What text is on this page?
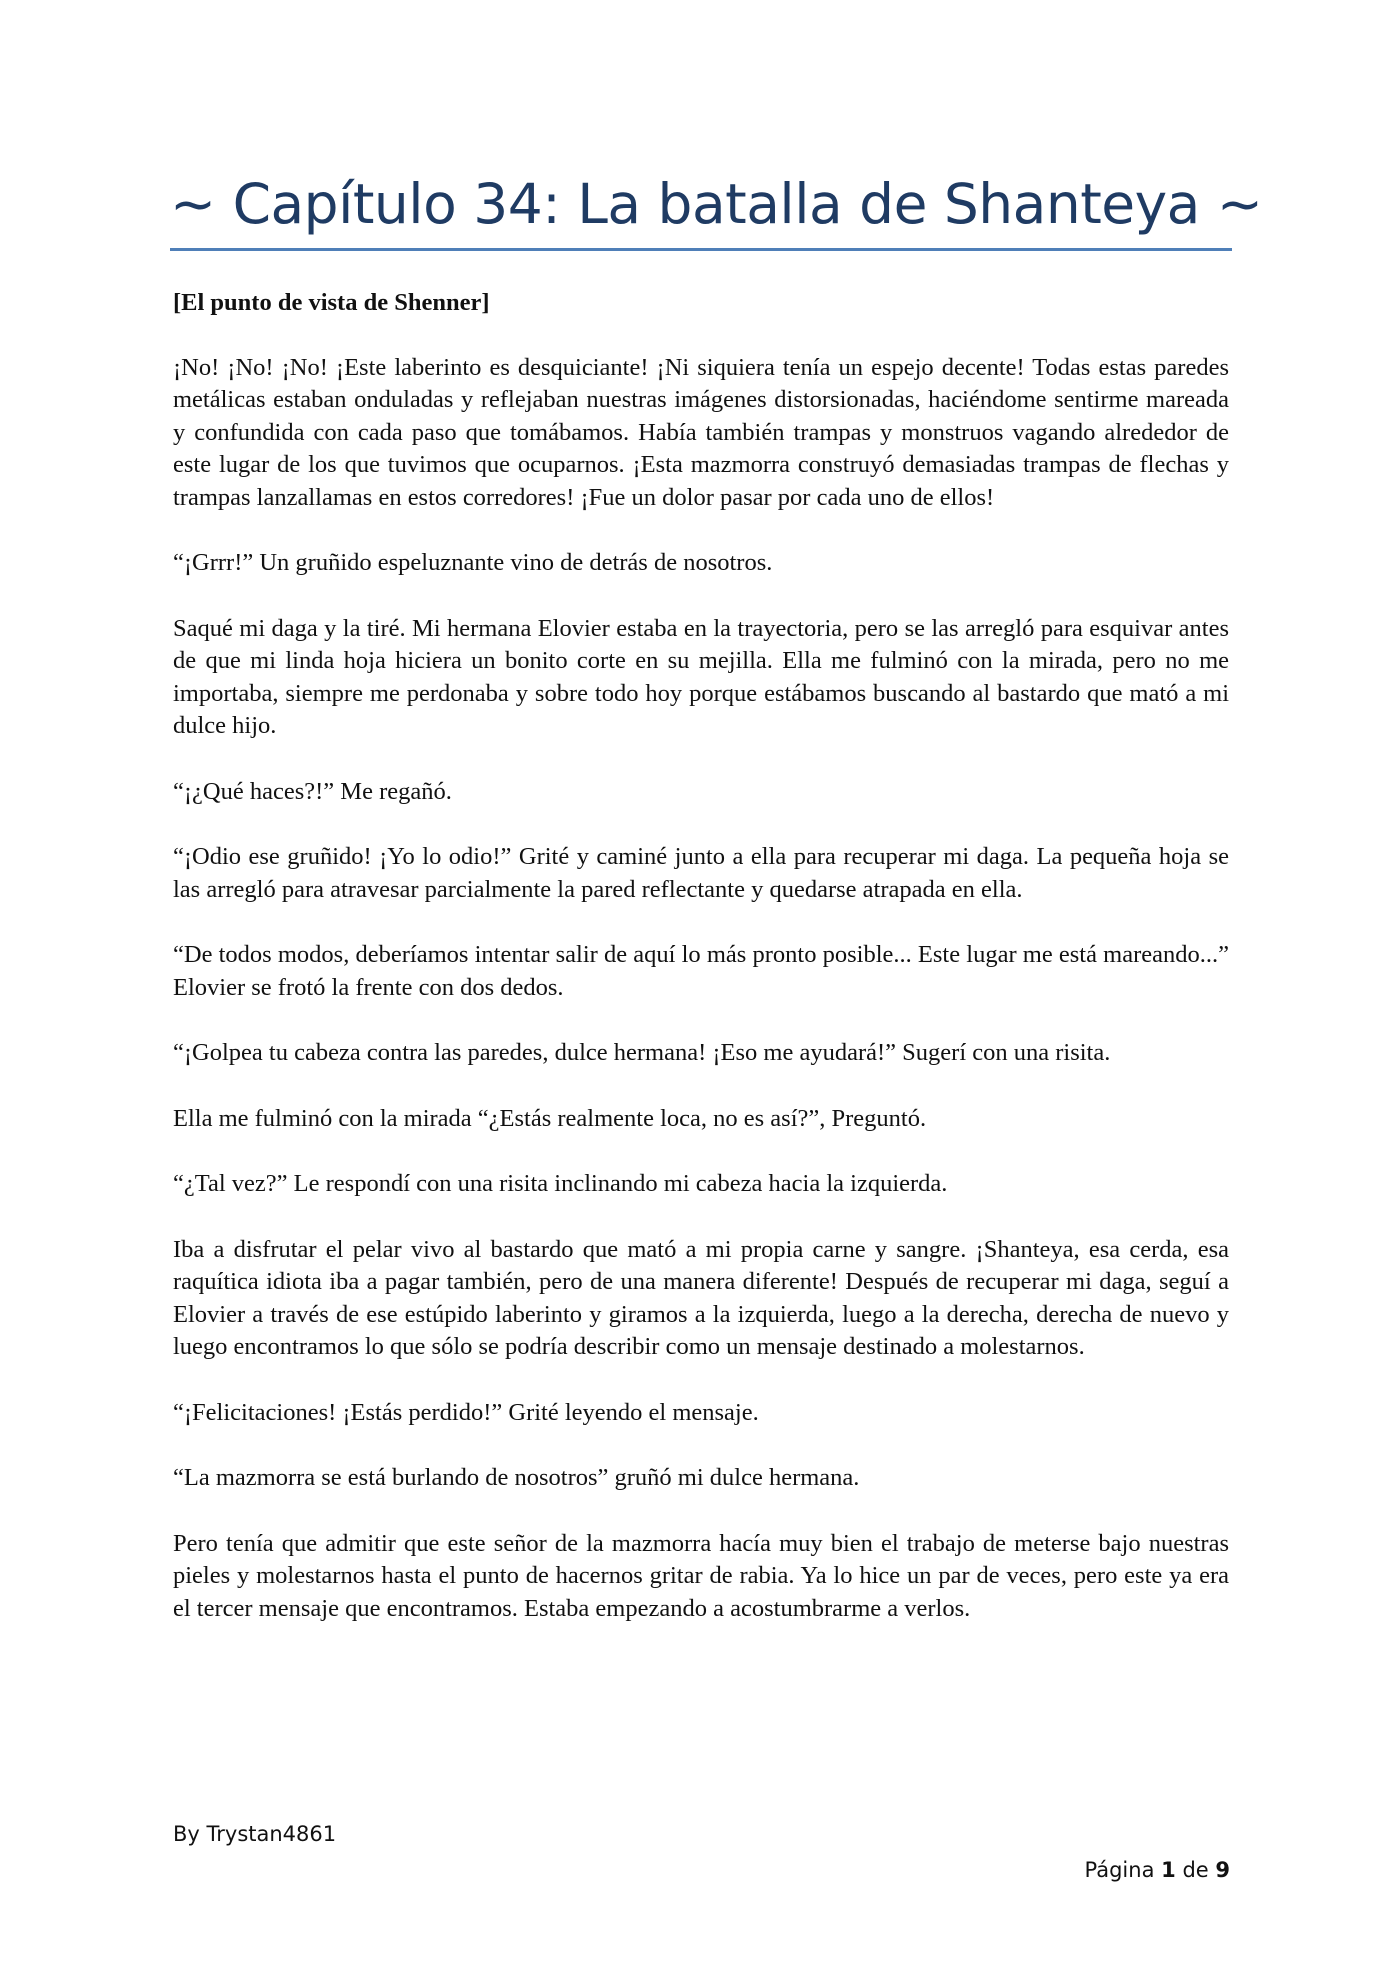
~ Capítulo 34: La batalla de Shanteya ~

[El punto de vista de Shenner]

¡No! ¡No! ¡No! ¡Este laberinto es desquiciante! ¡Ni siquiera tenía un espejo decente! Todas estas paredes metálicas estaban onduladas y reflejaban nuestras imágenes distorsionadas, haciéndome sentirme mareada y confundida con cada paso que tomábamos. Había también trampas y monstruos vagando alrededor de este lugar de los que tuvimos que ocuparnos. ¡Esta mazmorra construyó demasiadas trampas de flechas y trampas lanzallamas en estos corredores! ¡Fue un dolor pasar por cada uno de ellos!

“¡Grrr!” Un gruñido espeluznante vino de detrás de nosotros.

Saqué mi daga y la tiré. Mi hermana Elovier estaba en la trayectoria, pero se las arregló para esquivar antes de que mi linda hoja hiciera un bonito corte en su mejilla. Ella me fulminó con la mirada, pero no me importaba, siempre me perdonaba y sobre todo hoy porque estábamos buscando al bastardo que mató a mi dulce hijo.

“¡¿Qué haces?!” Me regañó.

“¡Odio ese gruñido! ¡Yo lo odio!” Grité y caminé junto a ella para recuperar mi daga. La pequeña hoja se las arregló para atravesar parcialmente la pared reflectante y quedarse atrapada en ella.

“De todos modos, deberíamos intentar salir de aquí lo más pronto posible... Este lugar me está mareando...” Elovier se frotó la frente con dos dedos.

“¡Golpea tu cabeza contra las paredes, dulce hermana! ¡Eso me ayudará!” Sugerí con una risita.

Ella me fulminó con la mirada “¿Estás realmente loca, no es así?”, Preguntó.

“¿Tal vez?” Le respondí con una risita inclinando mi cabeza hacia la izquierda.

Iba a disfrutar el pelar vivo al bastardo que mató a mi propia carne y sangre. ¡Shanteya, esa cerda, esa raquítica idiota iba a pagar también, pero de una manera diferente! Después de recuperar mi daga, seguí a Elovier a través de ese estúpido laberinto y giramos a la izquierda, luego a la derecha, derecha de nuevo y luego encontramos lo que sólo se podría describir como un mensaje destinado a molestarnos.

“¡Felicitaciones! ¡Estás perdido!” Grité leyendo el mensaje.

“La mazmorra se está burlando de nosotros” gruñó mi dulce hermana.

Pero tenía que admitir que este señor de la mazmorra hacía muy bien el trabajo de meterse bajo nuestras pieles y molestarnos hasta el punto de hacernos gritar de rabia. Ya lo hice un par de veces, pero este ya era el tercer mensaje que encontramos. Estaba empezando a acostumbrarme a verlos.

By Trystan4861
Página 1 de 9
